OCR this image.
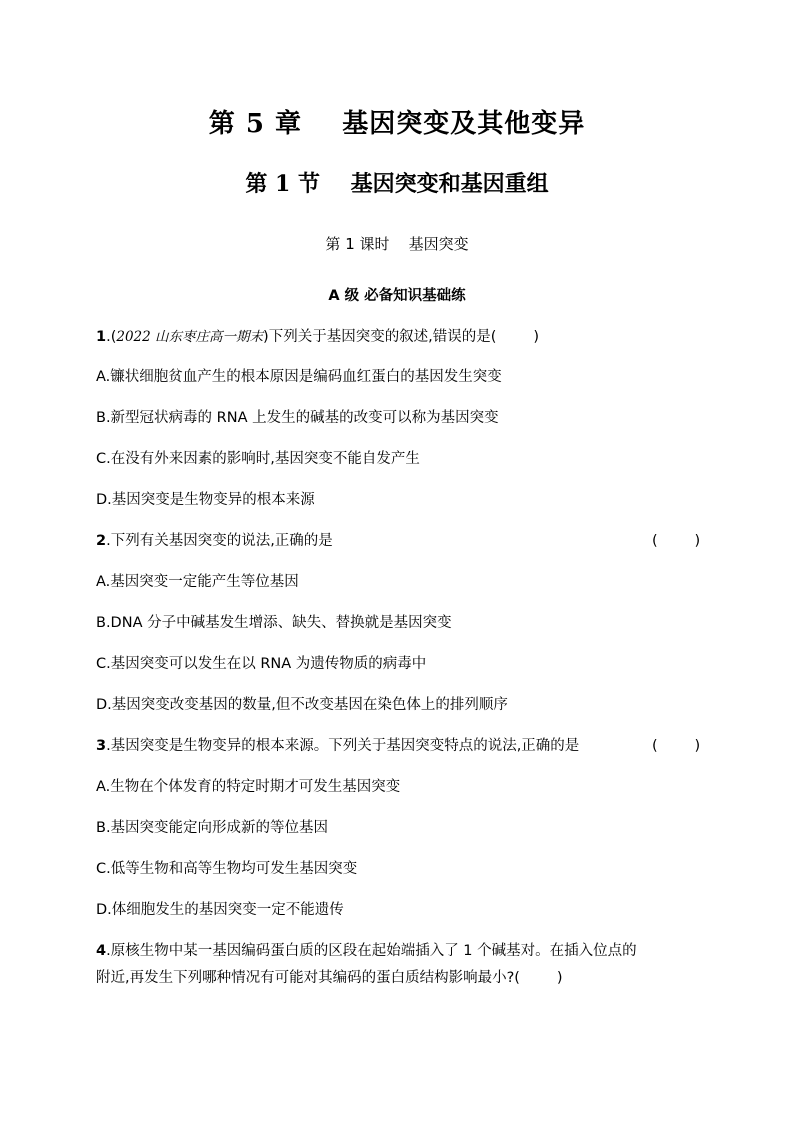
第 5 章    基因突变及其他变异
第 1 节    基因突变和基因重组
第 1 课时    基因突变
A 级 必备知识基础练
1.(2022 山东枣庄高一期末)下列关于基因突变的叙述,错误的是(        )
A.镰状细胞贫血产生的根本原因是编码血红蛋白的基因发生突变
B.新型冠状病毒的 RNA 上发生的碱基的改变可以称为基因突变
C.在没有外来因素的影响时,基因突变不能自发产生
D.基因突变是生物变异的根本来源
2.下列有关基因突变的说法,正确的是	(        )
A.基因突变一定能产生等位基因
B.DNA 分子中碱基发生增添、缺失、替换就是基因突变
C.基因突变可以发生在以 RNA 为遗传物质的病毒中
D.基因突变改变基因的数量,但不改变基因在染色体上的排列顺序
3.基因突变是生物变异的根本来源。下列关于基因突变特点的说法,正确的是	(        )
A.生物在个体发育的特定时期才可发生基因突变
B.基因突变能定向形成新的等位基因
C.低等生物和高等生物均可发生基因突变
D.体细胞发生的基因突变一定不能遗传
4.原核生物中某一基因编码蛋白质的区段在起始端插入了 1 个碱基对。在插入位点的
附近,再发生下列哪种情况有可能对其编码的蛋白质结构影响最小?(        )
